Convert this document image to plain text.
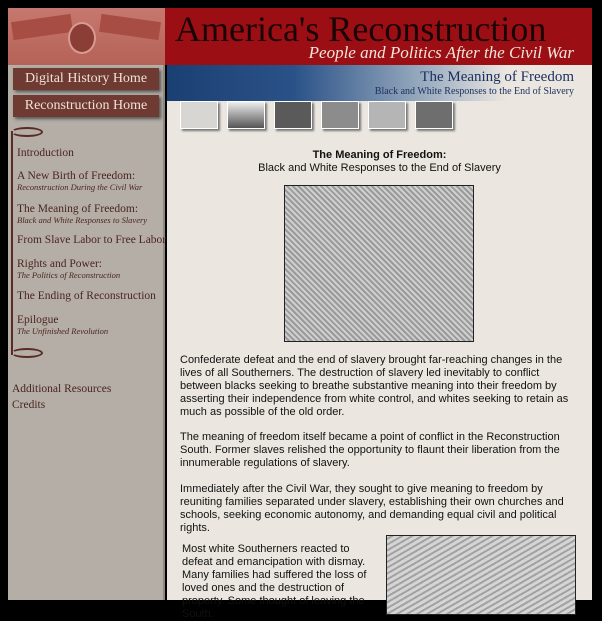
America's Reconstruction
People and Politics After the Civil War
Digital History Home
Reconstruction Home
Introduction
A New Birth of Freedom:
Reconstruction During the Civil War
The Meaning of Freedom:
Black and White Responses to Slavery
From Slave Labor to Free Labor
Rights and Power:
The Politics of Reconstruction
The Ending of Reconstruction
Epilogue
The Unfinished Revolution
Additional Resources
Credits
The Meaning of Freedom
Black and White Responses to the End of Slavery
The Meaning of Freedom:
Black and White Responses to the End of Slavery

Confederate defeat and the end of slavery brought far-reaching changes in the lives of all Southerners. The destruction of slavery led inevitably to conflict between blacks seeking to breathe substantive meaning into their freedom by asserting their independence from white control, and whites seeking to retain as much as possible of the old order.

The meaning of freedom itself became a point of conflict in the Reconstruction South. Former slaves relished the opportunity to flaunt their liberation from the innumerable regulations of slavery.

Immediately after the Civil War, they sought to give meaning to freedom by reuniting families separated under slavery, establishing their own churches and schools, seeking economic autonomy, and demanding equal civil and political rights.

Most white Southerners reacted to defeat and emancipation with dismay. Many families had suffered the loss of loved ones and the destruction of property. Some thought of leaving the South.
